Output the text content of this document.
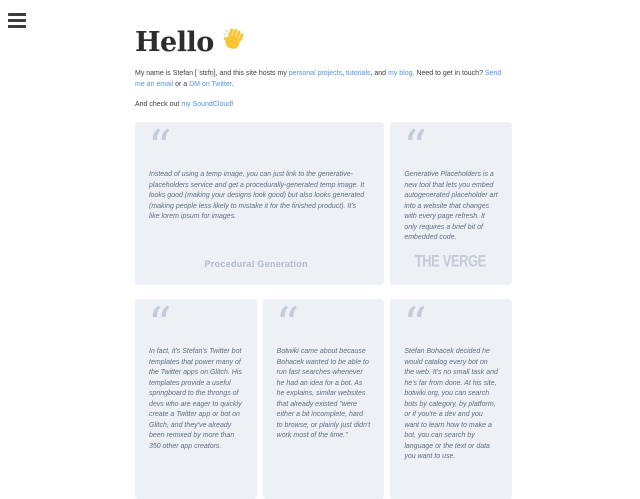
Hello

My name is Stefan [ˈstɛfn̩], and this site hosts my personal projects, tutorials, and my blog. Need to get in touch? Send me an email or a DM on Twitter.

And check out my SoundCloud!

“
Instead of using a temp image, you can just link to the generative-placeholders service and get a procedurally-generated temp image. It looks good (making your designs look good) but also looks generated (making people less likely to mistake it for the finished product). It's like lorem ipsum for images.
Procedural Generation
“
Generative Placeholders is a new tool that lets you embed autogenerated placeholder art into a website that changes with every page refresh. It only requires a brief bit of embedded code.
THE VERGE
“
In fact, it's Stefan's Twitter bot templates that power many of the Twitter apps on Glitch. His templates provide a useful springboard to the throngs of devs who are eager to quickly create a Twitter app or bot on Glitch, and they've already been remixed by more than 350 other app creators.
“
Botwiki came about because Bohacek wanted to be able to run fast searches whenever he had an idea for a bot. As he explains, similar websites that already existed "were either a bit incomplete, hard to browse, or plainly just didn't work most of the time."
“
Stefan Bohacek decided he would catalog every bot on the web. It's no small task and he's far from done. At his site, botwiki.org, you can search bots by category, by platform, or if you're a dev and you want to learn how to make a bot, you can search by language or the text or data you want to use.
